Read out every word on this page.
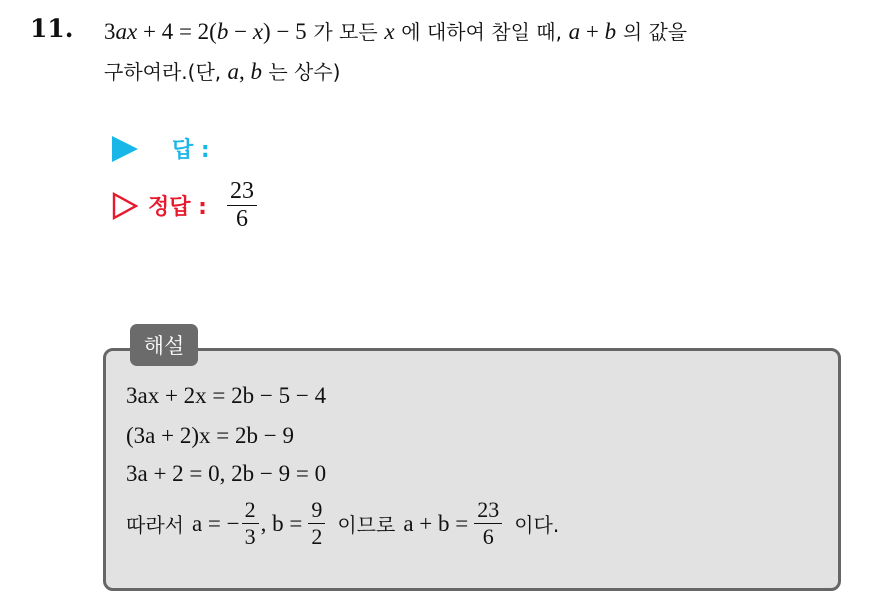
11. 3ax + 4 = 2(b − x) − 5 가 모든 x 에 대하여 참일 때, a + b 의 값을
구하여라.(단, a, b 는 상수)
답 :
정답 : $\frac{23}{6}$
해설
3ax + 2x = 2b − 5 − 4
(3a + 2)x = 2b − 9
3a + 2 = 0, 2b − 9 = 0
따라서 a = − $\frac{2}{3}$ , $b = \frac{9}{2}$ 이므로 $a + b = \frac{23}{6}$ 이다.
